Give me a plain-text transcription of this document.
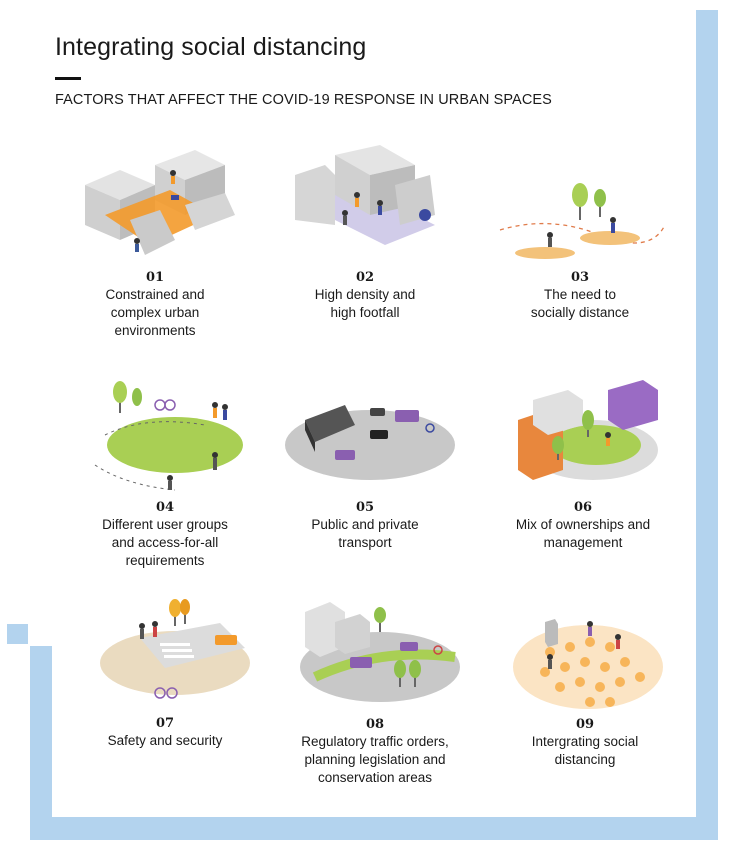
Integrating social distancing
FACTORS THAT AFFECT THE COVID-19 RESPONSE IN URBAN SPACES
01
Constrained and
complex urban
environments
02
High density and
high footfall
03
The need to
socially distance
04
Different user groups
and access-for-all
requirements
05
Public and private
transport
06
Mix of ownerships and
management
07
Safety and security
08
Regulatory traffic orders,
planning legislation and
conservation areas
09
Intergrating social
distancing
